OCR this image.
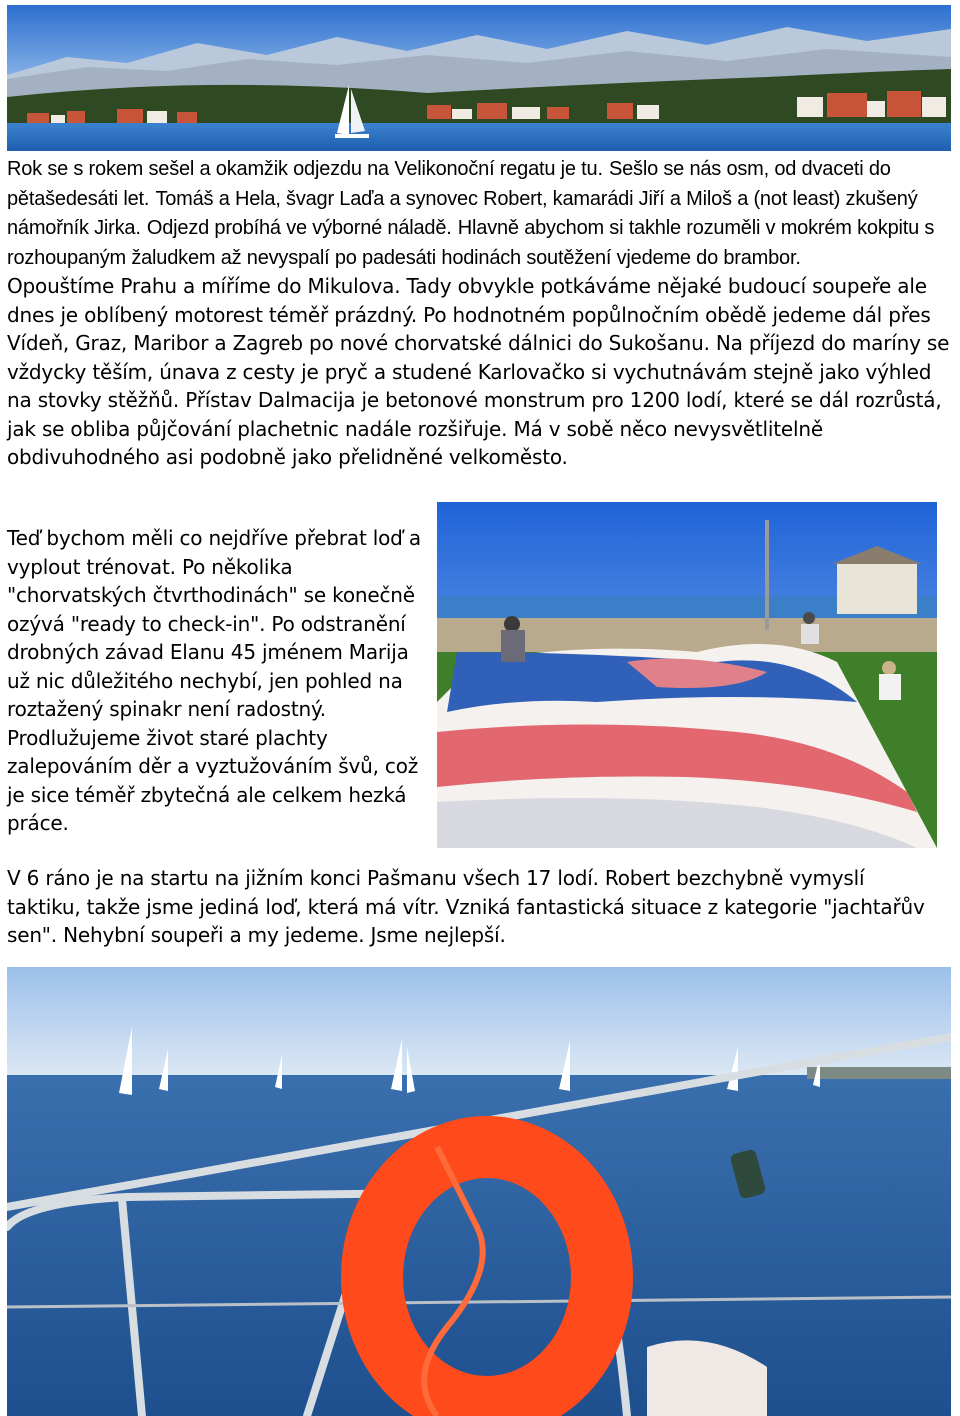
Rok se s rokem sešel a okamžik odjezdu na Velikonoční regatu je tu. Sešlo se nás osm, od dvaceti do pětašedesáti let. Tomáš a Hela, švagr Laďa a synovec Robert, kamarádi Jiří a Miloš a (not least) zkušený námořník Jirka. Odjezd probíhá ve výborné náladě. Hlavně abychom si takhle rozuměli v mokrém kokpitu s rozhoupaným žaludkem až nevyspalí po padesáti hodinách soutěžení vjedeme do brambor.

Opouštíme Prahu a míříme do Mikulova. Tady obvykle potkáváme nějaké budoucí soupeře ale dnes je oblíbený motorest téměř prázdný. Po hodnotném popůlnočním obědě jedeme dál přes Vídeň, Graz, Maribor a Zagreb po nové chorvatské dálnici do Sukošanu. Na příjezd do maríny se vždycky těším, únava z cesty je pryč a studené Karlovačko si vychutnávám stejně jako výhled na stovky stěžňů. Přístav Dalmacija je betonové monstrum pro 1200 lodí, které se dál rozrůstá, jak se obliba půjčování plachetnic nadále rozšiřuje. Má v sobě něco nevysvětlitelně obdivuhodného asi podobně jako přelidněné velkoměsto.

Teď bychom měli co nejdříve přebrat loď a vyplout trénovat. Po několika "chorvatských čtvrthodinách" se konečně ozývá "ready to check-in". Po odstranění drobných závad Elanu 45 jménem Marija už nic důležitého nechybí, jen pohled na roztažený spinakr není radostný. Prodlužujeme život staré plachty zalepováním děr a vyztužováním švů, což je sice téměř zbytečná ale celkem hezká práce.

V 6 ráno je na startu na jižním konci Pašmanu všech 17 lodí. Robert bezchybně vymyslí taktiku, takže jsme jediná loď, která má vítr. Vzniká fantastická situace z kategorie "jachtařův sen". Nehybní soupeři a my jedeme. Jsme nejlepší.
